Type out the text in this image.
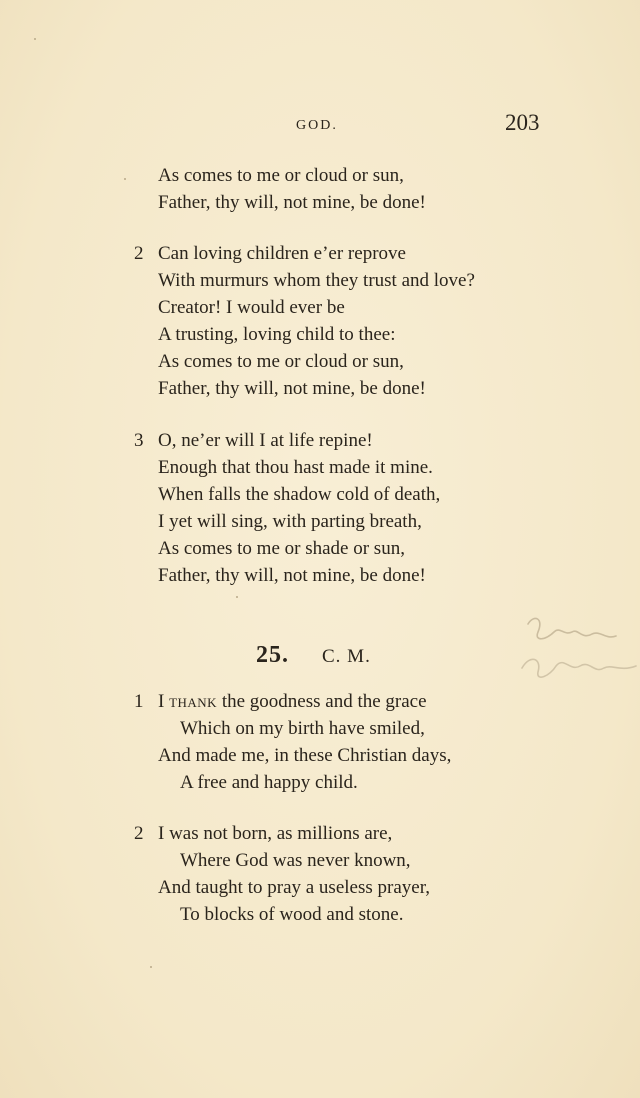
GOD.	203
As comes to me or cloud or sun,
Father, thy will, not mine, be done!
2 Can loving children e’er reprove
With murmurs whom they trust and love?
Creator! I would ever be
A trusting, loving child to thee:
As comes to me or cloud or sun,
Father, thy will, not mine, be done!
3 O, ne’er will I at life repine!
Enough that thou hast made it mine.
When falls the shadow cold of death,
I yet will sing, with parting breath,
As comes to me or shade or sun,
Father, thy will, not mine, be done!
25. C. M.
1 I thank the goodness and the grace
Which on my birth have smiled,
And made me, in these Christian days,
A free and happy child.
2 I was not born, as millions are,
Where God was never known,
And taught to pray a useless prayer,
To blocks of wood and stone.
